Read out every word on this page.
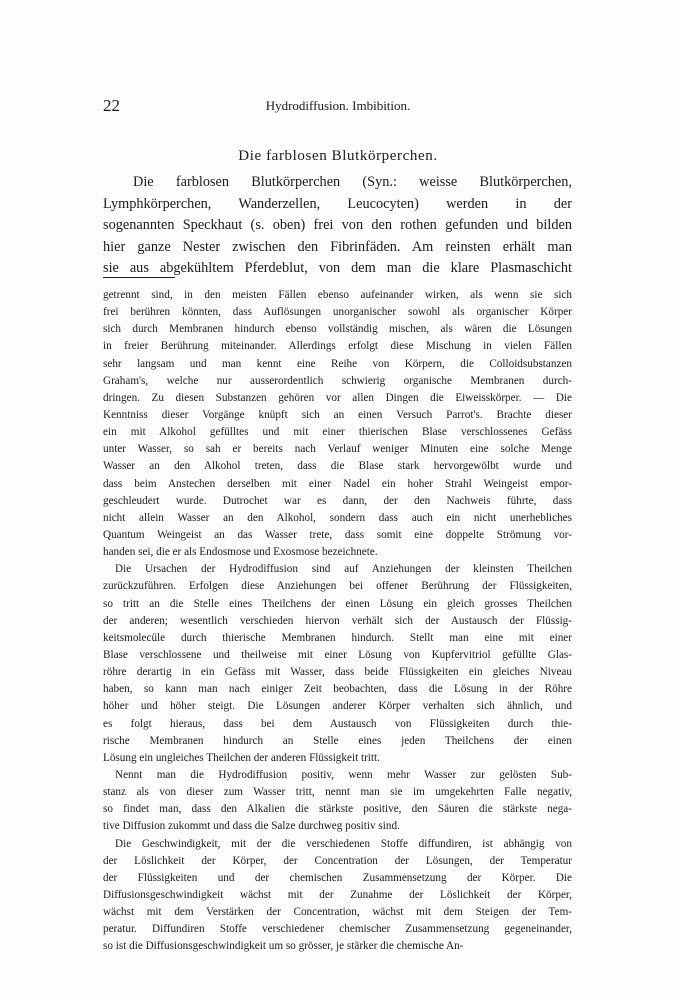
22	Hydrodiffusion. Imbibition.
Die farblosen Blutkörperchen.
Die farblosen Blutkörperchen (Syn.: weisse Blutkörperchen,
Lymphkörperchen, Wanderzellen, Leucocyten) werden in der
sogenannten Speckhaut (s. oben) frei von den rothen gefunden und bilden
hier ganze Nester zwischen den Fibrinfäden. Am reinsten erhält man
sie aus abgekühltem Pferdeblut, von dem man die klare Plasmaschicht
getrennt sind, in den meisten Fällen ebenso aufeinander wirken, als wenn sie sich
frei berühren könnten, dass Auflösungen unorganischer sowohl als organischer Körper
sich durch Membranen hindurch ebenso vollständig mischen, als wären die Lösungen
in freier Berührung miteinander. Allerdings erfolgt diese Mischung in vielen Fällen
sehr langsam und man kennt eine Reihe von Körpern, die Colloidsubstanzen
Graham's, welche nur ausserordentlich schwierig organische Membranen durch-
dringen. Zu diesen Substanzen gehören vor allen Dingen die Eiweisskörper. — Die
Kenntniss dieser Vorgänge knüpft sich an einen Versuch Parrot's. Brachte dieser
ein mit Alkohol gefülltes und mit einer thierischen Blase verschlossenes Gefäss
unter Wasser, so sah er bereits nach Verlauf weniger Minuten eine solche Menge
Wasser an den Alkohol treten, dass die Blase stark hervorgewölbt wurde und
dass beim Anstechen derselben mit einer Nadel ein hoher Strahl Weingeist empor-
geschleudert wurde. Dutrochet war es dann, der den Nachweis führte, dass
nicht allein Wasser an den Alkohol, sondern dass auch ein nicht unerhebliches
Quantum Weingeist an das Wasser trete, dass somit eine doppelte Strömung vor-
handen sei, die er als Endosmose und Exosmose bezeichnete.
Die Ursachen der Hydrodiffusion sind auf Anziehungen der kleinsten Theilchen
zurückzuführen. Erfolgen diese Anziehungen bei offener Berührung der Flüssigkeiten,
so tritt an die Stelle eines Theilchens der einen Lösung ein gleich grosses Theilchen
der anderen; wesentlich verschieden hiervon verhält sich der Austausch der Flüssig-
keitsmolecüle durch thierische Membranen hindurch. Stellt man eine mit einer
Blase verschlossene und theilweise mit einer Lösung von Kupfervitriol gefüllte Glas-
röhre derartig in ein Gefäss mit Wasser, dass beide Flüssigkeiten ein gleiches Niveau
haben, so kann man nach einiger Zeit beobachten, dass die Lösung in der Röhre
höher und höher steigt. Die Lösungen anderer Körper verhalten sich ähnlich, und
es folgt hieraus, dass bei dem Austausch von Flüssigkeiten durch thie-
rische Membranen hindurch an Stelle eines jeden Theilchens der einen
Lösung ein ungleiches Theilchen der anderen Flüssigkeit tritt.
Nennt man die Hydrodiffusion positiv, wenn mehr Wasser zur gelösten Sub-
stanz als von dieser zum Wasser tritt, nennt man sie im umgekehrten Falle negativ,
so findet man, dass den Alkalien die stärkste positive, den Säuren die stärkste nega-
tive Diffusion zukommt und dass die Salze durchweg positiv sind.
Die Geschwindigkeit, mit der die verschiedenen Stoffe diffundiren, ist abhängig von
der Löslichkeit der Körper, der Concentration der Lösungen, der Temperatur
der Flüssigkeiten und der chemischen Zusammensetzung der Körper. Die
Diffusionsgeschwindigkeit wächst mit der Zunahme der Löslichkeit der Körper,
wächst mit dem Verstärken der Concentration, wächst mit dem Steigen der Tem-
peratur. Diffundiren Stoffe verschiedener chemischer Zusammensetzung gegeneinander,
so ist die Diffusionsgeschwindigkeit um so grösser, je stärker die chemische An-
